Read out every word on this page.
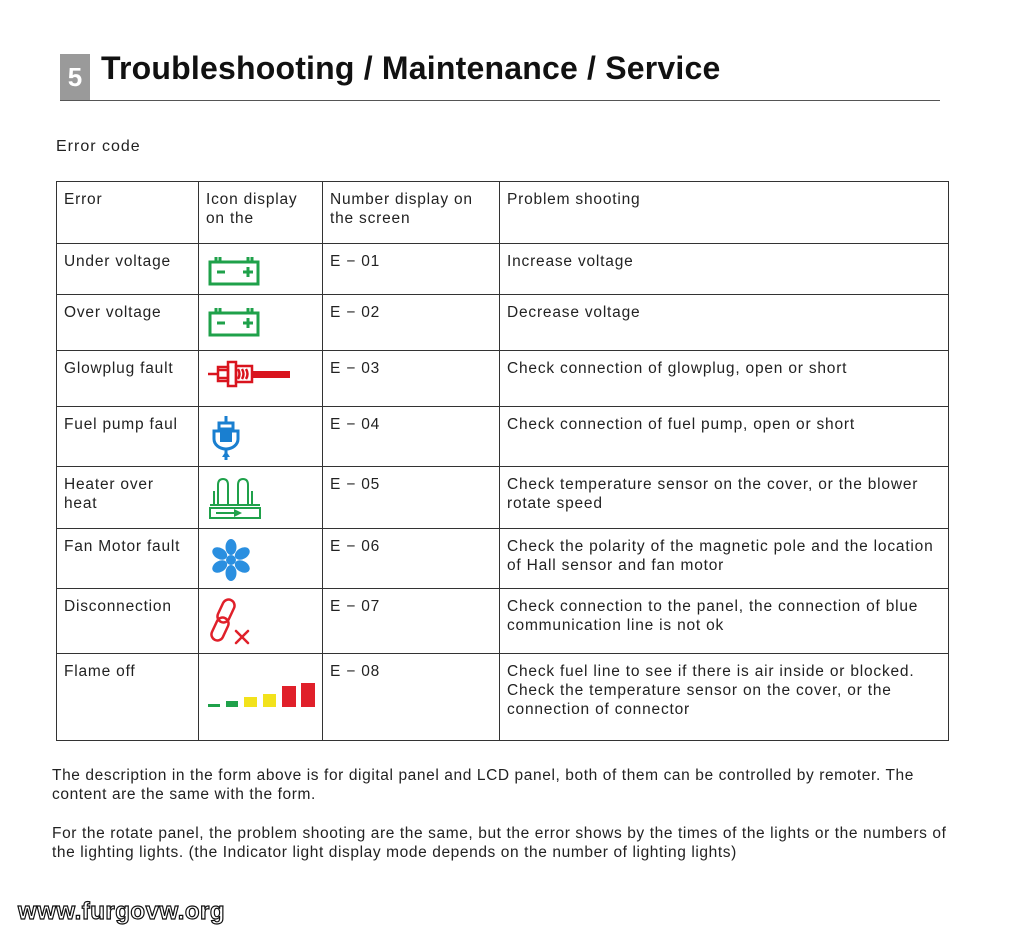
5 Troubleshooting / Maintenance / Service
Error code
Error	Icon display on the	Number display on the screen	Problem shooting
Under voltage		E − 01	Increase voltage
Over voltage		E − 02	Decrease voltage
Glowplug fault		E − 03	Check connection of glowplug, open or short
Fuel pump faul		E − 04	Check connection of fuel pump, open or short
Heater over heat		E − 05	Check temperature sensor on the cover, or the blower rotate speed
Fan Motor fault		E − 06	Check the polarity of the magnetic pole and the location of Hall sensor and fan motor
Disconnection		E − 07	Check connection to the panel, the connection of blue communication line is not ok
Flame off		E − 08	Check fuel line to see if there is air inside or blocked. Check the temperature sensor on the cover, or the connection of connector
The description in the form above is for digital panel and LCD panel, both of them can be controlled by remoter. The content are the same with the form.
For the rotate panel, the problem shooting are the same, but the error shows by the times of the lights or the numbers of the lighting lights. (the Indicator light display mode depends on the number of lighting lights)
www.furgovw.org
